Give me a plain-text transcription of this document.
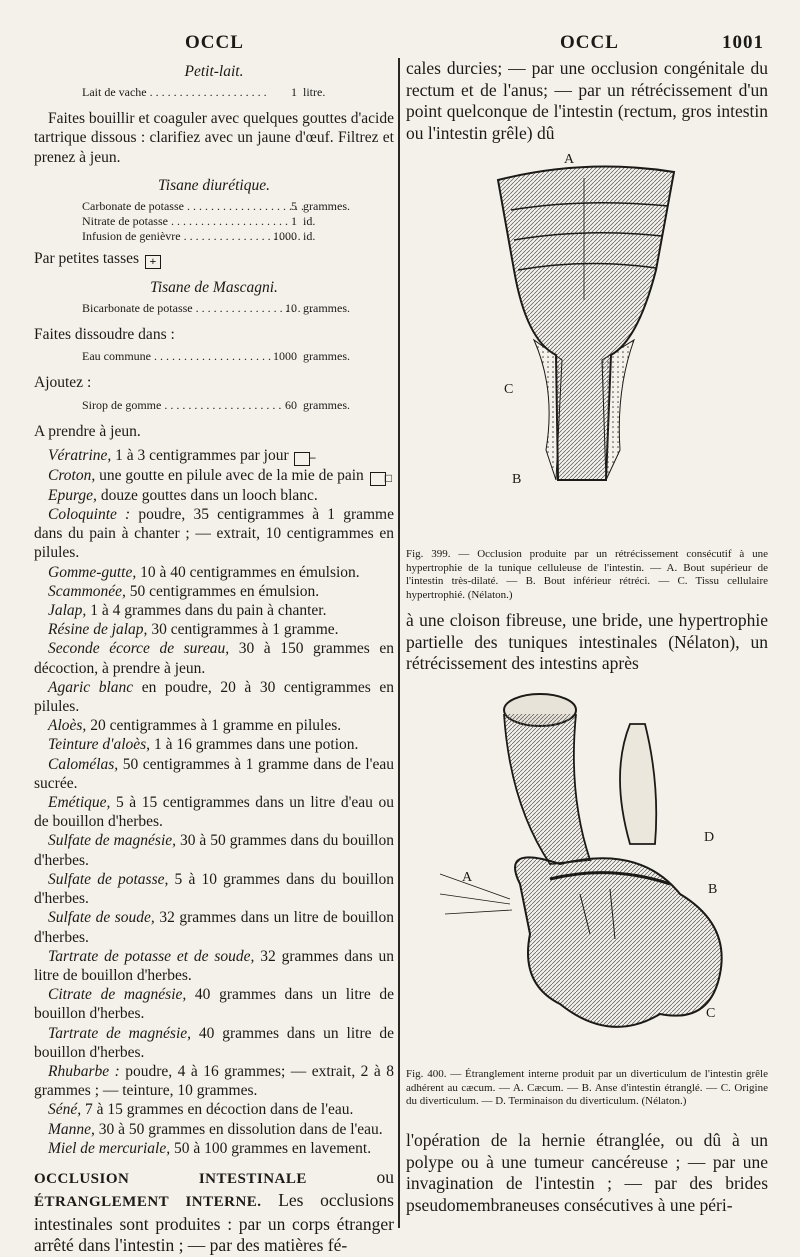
OCCL	OCCL	1001
Petit-lait.
Lait de vache . . .	1 litre.

Faites bouillir et coaguler avec quelques gouttes d'acide tartrique dissous : clarifiez avec un jaune d'œuf. Filtrez et prenez à jeun.

Tisane diurétique.
Carbonate de potasse . . .	5 grammes.
Nitrate de potasse . . .	1 id.
Infusion de genièvre . . .	1000 id.

Par petites tasses +

Tisane de Mascagni.
Bicarbonate de potasse . . .	10 grammes.

Faites dissoudre dans :

Eau commune . . .	1000 grammes.

Ajoutez :

Sirop de gomme . . .	60 grammes.

A prendre à jeun.

Vératrine, 1 à 3 centigrammes par jour −

Croton, une goutte en pilule avec de la mie de pain □

Epurge, douze gouttes dans un looch blanc.

Coloquinte : poudre, 35 centigrammes à 1 gramme dans du pain à chanter ; — extrait, 10 centigrammes en pilules.

Gomme-gutte, 10 à 40 centigrammes en émulsion.

Scammonée, 50 centigrammes en émulsion.

Jalap, 1 à 4 grammes dans du pain à chanter.

Résine de jalap, 30 centigrammes à 1 gramme.

Seconde écorce de sureau, 30 à 150 grammes en décoction, à prendre à jeun.

Agaric blanc en poudre, 20 à 30 centigrammes en pilules.

Aloès, 20 centigrammes à 1 gramme en pilules.

Teinture d'aloès, 1 à 16 grammes dans une potion.

Calomélas, 50 centigrammes à 1 gramme dans de l'eau sucrée.

Emétique, 5 à 15 centigrammes dans un litre d'eau ou de bouillon d'herbes.

Sulfate de magnésie, 30 à 50 grammes dans du bouillon d'herbes.

Sulfate de potasse, 5 à 10 grammes dans du bouillon d'herbes.

Sulfate de soude, 32 grammes dans un litre de bouillon d'herbes.

Tartrate de potasse et de soude, 32 grammes dans un litre de bouillon d'herbes.

Citrate de magnésie, 40 grammes dans un litre de bouillon d'herbes.

Tartrate de magnésie, 40 grammes dans un litre de bouillon d'herbes.

Rhubarbe : poudre, 4 à 16 grammes; — extrait, 2 à 8 grammes ; — teinture, 10 grammes.

Séné, 7 à 15 grammes en décoction dans de l'eau.

Manne, 30 à 50 grammes en dissolution dans de l'eau.

Miel de mercuriale, 50 à 100 grammes en lavement.

OCCLUSION INTESTINALE ou ÉTRANGLEMENT INTERNE. Les occlusions intestinales sont produites : par un corps étranger arrêté dans l'intestin ; — par des matières fé-

cales durcies; — par une occlusion congénitale du rectum et de l'anus; — par un rétrécissement d'un point quelconque de l'intestin (rectum, gros intestin ou l'intestin grêle) dû

A
B
C

Fig. 399. — Occlusion produite par un rétrécissement consécutif à une hypertrophie de la tunique celluleuse de l'intestin. — A. Bout supérieur de l'intestin très-dilaté. — B. Bout inférieur rétréci. — C. Tissu cellulaire hypertrophié. (Nélaton.)

à une cloison fibreuse, une bride, une hypertrophie partielle des tuniques intestinales (Nélaton), un rétrécissement des intestins après

A
B
C
D

Fig. 400. — Étranglement interne produit par un diverticulum de l'intestin grêle adhérent au cæcum. — A. Cæcum. — B. Anse d'intestin étranglé. — C. Origine du diverticulum. — D. Terminaison du diverticulum. (Nélaton.)

l'opération de la hernie étranglée, ou dû à un polype ou à une tumeur cancéreuse ; — par une invagination de l'intestin ; — par des brides pseudomembraneuses consécutives à une péri-
